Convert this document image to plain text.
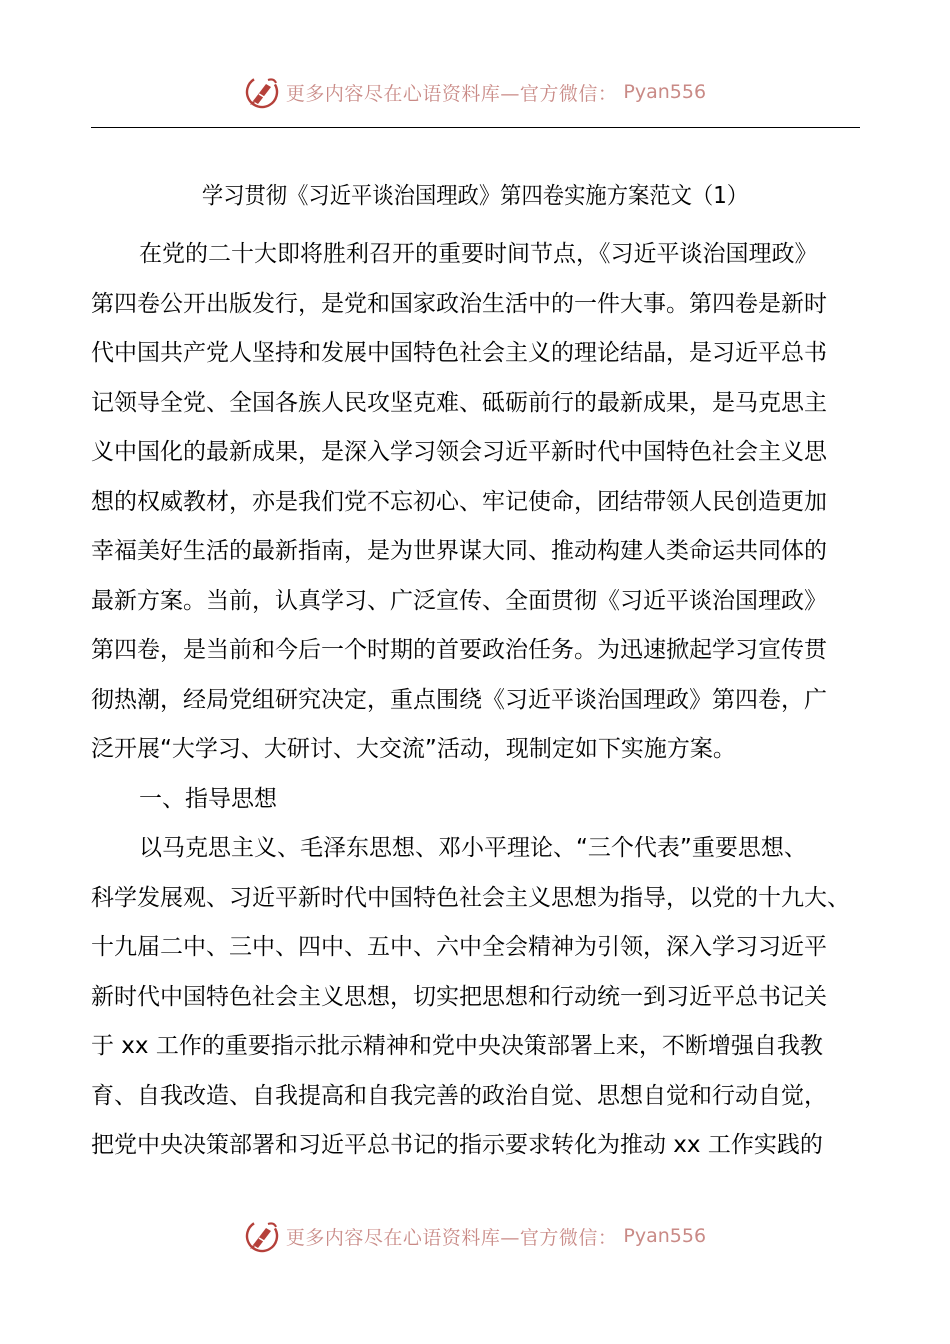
更多内容尽在心语资料库—官方微信： Pyan556
学习贯彻《习近平谈治国理政》第四卷实施方案范文（1）
在党的二十大即将胜利召开的重要时间节点，《习近平谈治国理政》
第四卷公开出版发行，是党和国家政治生活中的一件大事。第四卷是新时
代中国共产党人坚持和发展中国特色社会主义的理论结晶，是习近平总书
记领导全党、全国各族人民攻坚克难、砥砺前行的最新成果，是马克思主
义中国化的最新成果，是深入学习领会习近平新时代中国特色社会主义思
想的权威教材，亦是我们党不忘初心、牢记使命，团结带领人民创造更加
幸福美好生活的最新指南，是为世界谋大同、推动构建人类命运共同体的
最新方案。当前，认真学习、广泛宣传、全面贯彻《习近平谈治国理政》
第四卷，是当前和今后一个时期的首要政治任务。为迅速掀起学习宣传贯
彻热潮，经局党组研究决定，重点围绕《习近平谈治国理政》第四卷，广
泛开展“大学习、大研讨、大交流”活动，现制定如下实施方案。
一、指导思想
以马克思主义、毛泽东思想、邓小平理论、“三个代表”重要思想、
科学发展观、习近平新时代中国特色社会主义思想为指导，以党的十九大、
十九届二中、三中、四中、五中、六中全会精神为引领，深入学习习近平
新时代中国特色社会主义思想，切实把思想和行动统一到习近平总书记关
于 xx 工作的重要指示批示精神和党中央决策部署上来，不断增强自我教
育、自我改造、自我提高和自我完善的政治自觉、思想自觉和行动自觉，
把党中央决策部署和习近平总书记的指示要求转化为推动 xx 工作实践的
更多内容尽在心语资料库—官方微信： Pyan556
